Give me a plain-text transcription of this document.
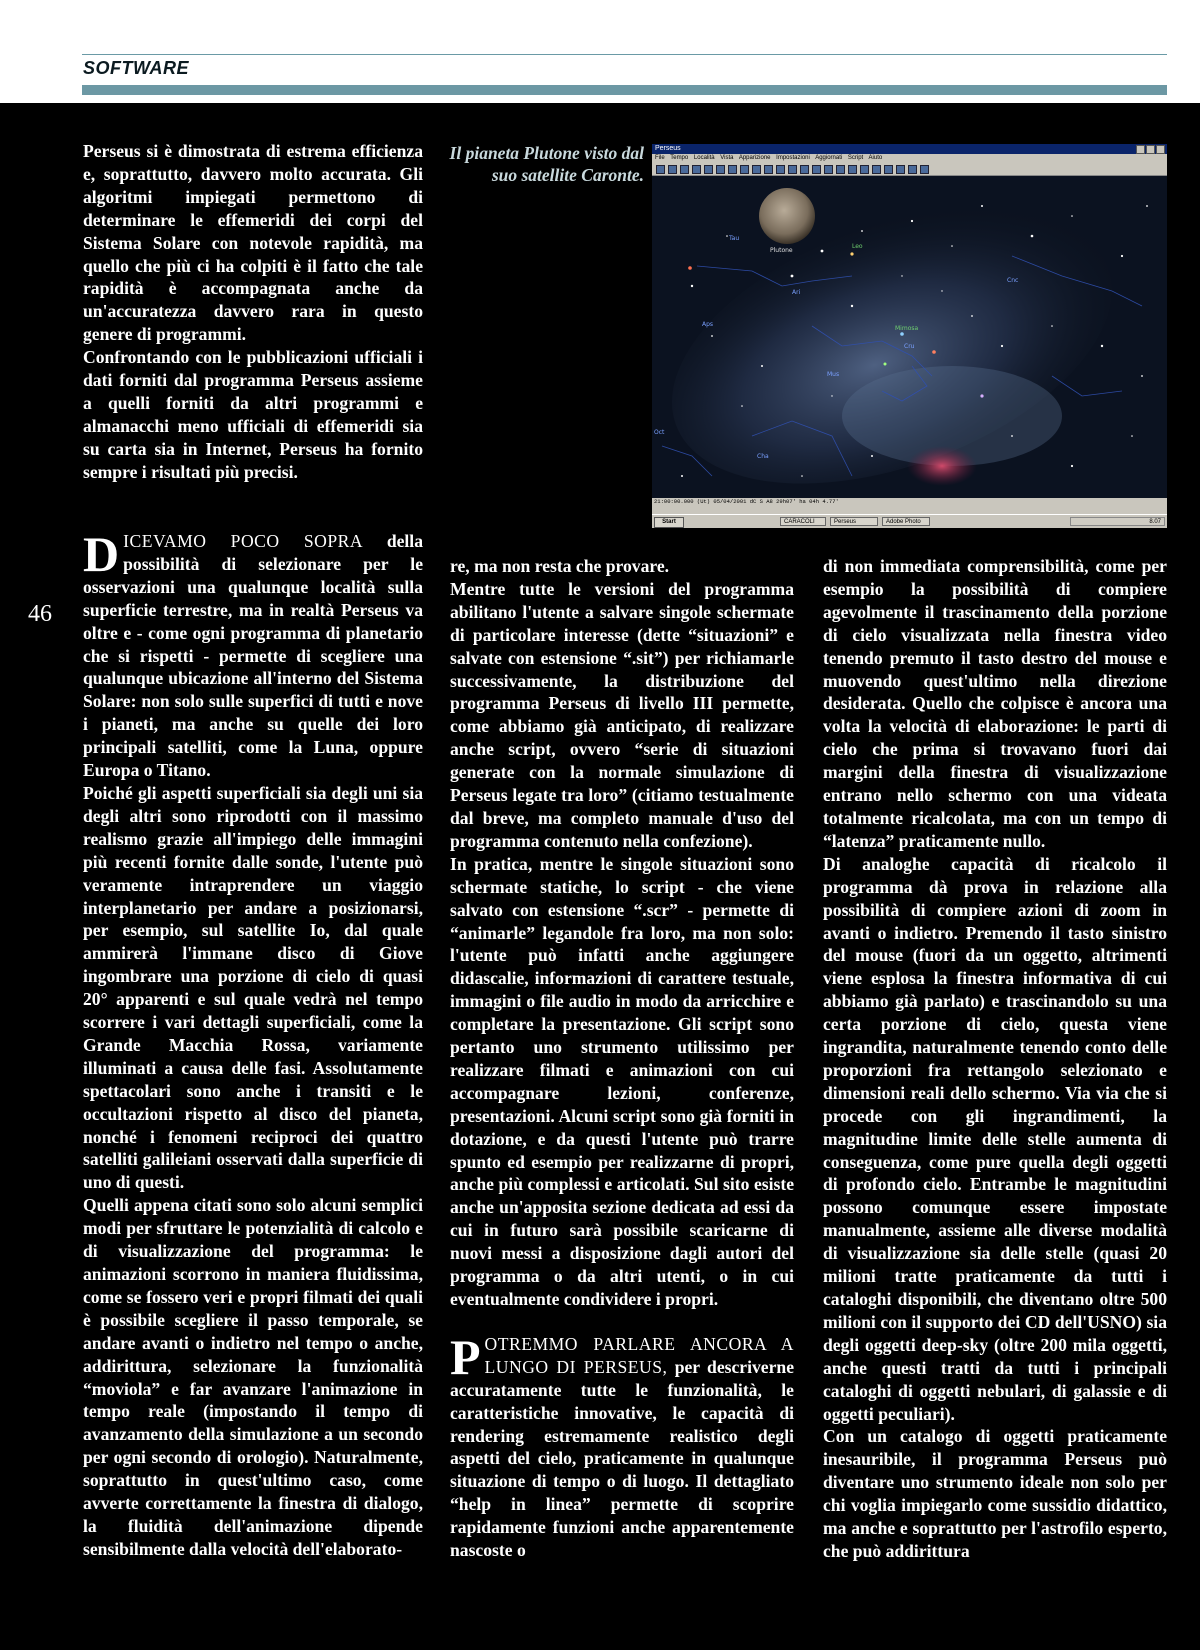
SOFTWARE
46
Il pianeta Plutone visto dal suo satellite Caronte.
Perseus
File Tempo Località Vista Apparizione Impostazioni Aggiornati Script Aiuto
Plutone
Tau
Ari
Cnc
Leo
Aps
Cru
Mus
Cha
Oct
Mimosa
21:00:00.000 (Ut) 05/04/2001 dC S A8 29h07' ha 04h 4.77'
Start	CARACOLI	Perseus	Adobe Photo	8.07

Perseus si è dimostrata di estrema efficienza e, soprattutto, davvero molto accurata. Gli algoritmi impiegati permettono di determinare le effemeridi dei corpi del Sistema Solare con notevole rapidità, ma quello che più ci ha colpiti è il fatto che tale rapidità è accompagnata anche da un'accuratezza davvero rara in questo genere di programmi.

Confrontando con le pubblicazioni ufficiali i dati forniti dal programma Perseus assieme a quelli forniti da altri programmi e almanacchi meno ufficiali di effemeridi sia su carta sia in Internet, Perseus ha fornito sempre i risultati più precisi.

DICEVAMO POCO SOPRA della possibilità di selezionare per le osservazioni una qualunque località sulla superficie terrestre, ma in realtà Perseus va oltre e - come ogni programma di planetario che si rispetti - permette di scegliere una qualunque ubicazione all'interno del Sistema Solare: non solo sulle superfici di tutti e nove i pianeti, ma anche su quelle dei loro principali satelliti, come la Luna, oppure Europa o Titano.

Poiché gli aspetti superficiali sia degli uni sia degli altri sono riprodotti con il massimo realismo grazie all'impiego delle immagini più recenti fornite dalle sonde, l'utente può veramente intraprendere un viaggio interplanetario per andare a posizionarsi, per esempio, sul satellite Io, dal quale ammirerà l'immane disco di Giove ingombrare una porzione di cielo di quasi 20° apparenti e sul quale vedrà nel tempo scorrere i vari dettagli superficiali, come la Grande Macchia Rossa, variamente illuminati a causa delle fasi. Assolutamente spettacolari sono anche i transiti e le occultazioni rispetto al disco del pianeta, nonché i fenomeni reciproci dei quattro satelliti galileiani osservati dalla superficie di uno di questi.

Quelli appena citati sono solo alcuni semplici modi per sfruttare le potenzialità di calcolo e di visualizzazione del programma: le animazioni scorrono in maniera fluidissima, come se fossero veri e propri filmati dei quali è possibile scegliere il passo temporale, se andare avanti o indietro nel tempo o anche, addirittura, selezionare la funzionalità “moviola” e far avanzare l'animazione in tempo reale (impostando il tempo di avanzamento della simulazione a un secondo per ogni secondo di orologio). Naturalmente, soprattutto in quest'ultimo caso, come avverte correttamente la finestra di dialogo, la fluidità dell'animazione dipende sensibilmente dalla velocità dell'elaborato-

re, ma non resta che provare.

Mentre tutte le versioni del programma abilitano l'utente a salvare singole schermate di particolare interesse (dette “situazioni” e salvate con estensione “.sit”) per richiamarle successivamente, la distribuzione del programma Perseus di livello III permette, come abbiamo già anticipato, di realizzare anche script, ovvero “serie di situazioni generate con la normale simulazione di Perseus legate tra loro” (citiamo testualmente dal breve, ma completo manuale d'uso del programma contenuto nella confezione).

In pratica, mentre le singole situazioni sono schermate statiche, lo script - che viene salvato con estensione “.scr” - permette di “animarle” legandole fra loro, ma non solo: l'utente può infatti anche aggiungere didascalie, informazioni di carattere testuale, immagini o file audio in modo da arricchire e completare la presentazione. Gli script sono pertanto uno strumento utilissimo per realizzare filmati e animazioni con cui accompagnare lezioni, conferenze, presentazioni. Alcuni script sono già forniti in dotazione, e da questi l'utente può trarre spunto ed esempio per realizzarne di propri, anche più complessi e articolati. Sul sito esiste anche un'apposita sezione dedicata ad essi da cui in futuro sarà possibile scaricarne di nuovi messi a disposizione dagli autori del programma o da altri utenti, o in cui eventualmente condividere i propri.

POTREMMO PARLARE ANCORA A LUNGO DI PERSEUS, per descriverne accuratamente tutte le funzionalità, le caratteristiche innovative, le capacità di rendering estremamente realistico degli aspetti del cielo, praticamente in qualunque situazione di tempo o di luogo. Il dettagliato “help in linea” permette di scoprire rapidamente funzioni anche apparentemente nascoste o

di non immediata comprensibilità, come per esempio la possibilità di compiere agevolmente il trascinamento della porzione di cielo visualizzata nella finestra video tenendo premuto il tasto destro del mouse e muovendo quest'ultimo nella direzione desiderata. Quello che colpisce è ancora una volta la velocità di elaborazione: le parti di cielo che prima si trovavano fuori dai margini della finestra di visualizzazione entrano nello schermo con una videata totalmente ricalcolata, ma con un tempo di “latenza” praticamente nullo.

Di analoghe capacità di ricalcolo il programma dà prova in relazione alla possibilità di compiere azioni di zoom in avanti o indietro. Premendo il tasto sinistro del mouse (fuori da un oggetto, altrimenti viene esplosa la finestra informativa di cui abbiamo già parlato) e trascinandolo su una certa porzione di cielo, questa viene ingrandita, naturalmente tenendo conto delle proporzioni fra rettangolo selezionato e dimensioni reali dello schermo. Via via che si procede con gli ingrandimenti, la magnitudine limite delle stelle aumenta di conseguenza, come pure quella degli oggetti di profondo cielo. Entrambe le magnitudini possono comunque essere impostate manualmente, assieme alle diverse modalità di visualizzazione sia delle stelle (quasi 20 milioni tratte praticamente da tutti i cataloghi disponibili, che diventano oltre 500 milioni con il supporto dei CD dell'USNO) sia degli oggetti deep-sky (oltre 200 mila oggetti, anche questi tratti da tutti i principali cataloghi di oggetti nebulari, di galassie e di oggetti peculiari).

Con un catalogo di oggetti praticamente inesauribile, il programma Perseus può diventare uno strumento ideale non solo per chi voglia impiegarlo come sussidio didattico, ma anche e soprattutto per l'astrofilo esperto, che può addirittura
